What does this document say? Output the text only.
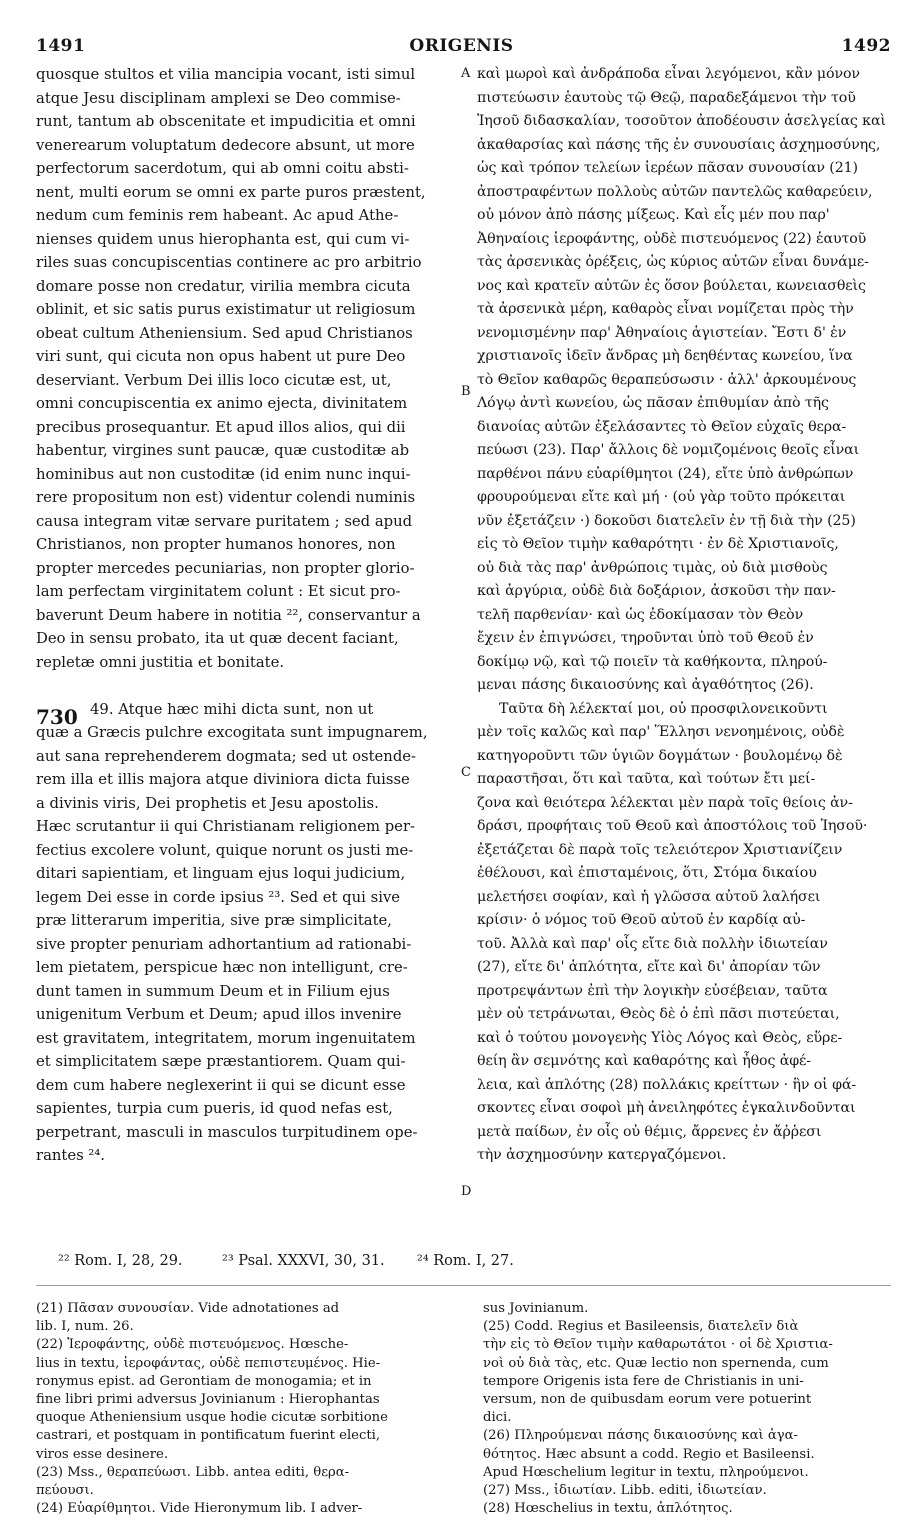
1491	ORIGENIS	1492
A
B
C
D
730
quosque stultos et vilia mancipia vocant, isti simul
atque Jesu disciplinam amplexi se Deo commise-
runt, tantum ab obscenitate et impudicitia et omni
venerearum voluptatum dedecore absunt, ut more
perfectorum sacerdotum, qui ab omni coitu absti-
nent, multi eorum se omni ex parte puros præstent,
nedum cum feminis rem habeant. Ac apud Athe-
nienses quidem unus hierophanta est, qui cum vi-
riles suas concupiscentias continere ac pro arbitrio
domare posse non credatur, virilia membra cicuta
oblinit, et sic satis purus existimatur ut religiosum
obeat cultum Atheniensium. Sed apud Christianos
viri sunt, qui cicuta non opus habent ut pure Deo
deserviant. Verbum Dei illis loco cicutæ est, ut,
omni concupiscentia ex animo ejecta, divinitatem
precibus prosequantur. Et apud illos alios, qui dii
habentur, virgines sunt paucæ, quæ custoditæ ab
hominibus aut non custoditæ (id enim nunc inqui-
rere propositum non est) videntur colendi numinis
causa integram vitæ servare puritatem ; sed apud
Christianos, non propter humanos honores, non
propter mercedes pecuniarias, non propter glorio-
lam perfectam virginitatem colunt : Et sicut pro-
baverunt Deum habere in notitia ²², conservantur a
Deo in sensu probato, ita ut quæ decent faciant,
repletæ omni justitia et bonitate.
49. Atque hæc mihi dicta sunt, non ut
quæ a Græcis pulchre excogitata sunt impugnarem,
aut sana reprehenderem dogmata; sed ut ostende-
rem illa et illis majora atque diviniora dicta fuisse
a divinis viris, Dei prophetis et Jesu apostolis.
Hæc scrutantur ii qui Christianam religionem per-
fectius excolere volunt, quique norunt os justi me-
ditari sapientiam, et linguam ejus loqui judicium,
legem Dei esse in corde ipsius ²³. Sed et qui sive
præ litterarum imperitia, sive præ simplicitate,
sive propter penuriam adhortantium ad rationabi-
lem pietatem, perspicue hæc non intelligunt, cre-
dunt tamen in summum Deum et in Filium ejus
unigenitum Verbum et Deum; apud illos invenire
est gravitatem, integritatem, morum ingenuitatem
et simplicitatem sæpe præstantiorem. Quam qui-
dem cum habere neglexerint ii qui se dicunt esse
sapientes, turpia cum pueris, id quod nefas est,
perpetrant, masculi in masculos turpitudinem ope-
rantes ²⁴.
καὶ μωροὶ καὶ ἀνδράποδα εἶναι λεγόμενοι, κἂν μόνον
πιστεύωσιν ἑαυτοὺς τῷ Θεῷ, παραδεξάμενοι τὴν τοῦ
Ἰησοῦ διδασκαλίαν, τοσοῦτον ἀποδέουσιν ἀσελγείας καὶ
ἀκαθαρσίας καὶ πάσης τῆς ἐν συνουσίαις ἀσχημοσύνης,
ὡς καὶ τρόπον τελείων ἱερέων πᾶσαν συνουσίαν (21)
ἀποστραφέντων πολλοὺς αὐτῶν παντελῶς καθαρεύειν,
οὐ μόνον ἀπὸ πάσης μίξεως. Καὶ εἷς μέν που παρ'
Ἀθηναίοις ἱεροφάντης, οὐδὲ πιστευόμενος (22) ἑαυτοῦ
τὰς ἀρσενικὰς ὀρέξεις, ὡς κύριος αὐτῶν εἶναι δυνάμε-
νος καὶ κρατεῖν αὐτῶν ἐς ὅσον βούλεται, κωνειασθεὶς
τὰ ἀρσενικὰ μέρη, καθαρὸς εἶναι νομίζεται πρὸς τὴν
νενομισμένην παρ' Ἀθηναίοις ἁγιστείαν. Ἔστι δ' ἐν
χριστιανοῖς ἰδεῖν ἄνδρας μὴ δεηθέντας κωνείου, ἵνα
τὸ Θεῖον καθαρῶς θεραπεύσωσιν · ἀλλ' ἀρκουμένους
Λόγῳ ἀντὶ κωνείου, ὡς πᾶσαν ἐπιθυμίαν ἀπὸ τῆς
διανοίας αὐτῶν ἐξελάσαντες τὸ Θεῖον εὐχαῖς θερα-
πεύωσι (23). Παρ' ἄλλοις δὲ νομιζομένοις θεοῖς εἶναι
παρθένοι πάνυ εὐαρίθμητοι (24), εἴτε ὑπὸ ἀνθρώπων
φρουρούμεναι εἴτε καὶ μή · (οὐ γὰρ τοῦτο πρόκειται
νῦν ἐξετάζειν ·) δοκοῦσι διατελεῖν ἐν τῇ διὰ τὴν (25)
εἰς τὸ Θεῖον τιμὴν καθαρότητι · ἐν δὲ Χριστιανοῖς,
οὐ διὰ τὰς παρ' ἀνθρώποις τιμὰς, οὐ διὰ μισθοὺς
καὶ ἀργύρια, οὐδὲ διὰ δοξάριον, ἀσκοῦσι τὴν παν-
τελῆ παρθενίαν· καὶ ὡς ἐδοκίμασαν τὸν Θεὸν
ἔχειν ἐν ἐπιγνώσει, τηροῦνται ὑπὸ τοῦ Θεοῦ ἐν
δοκίμῳ νῷ, καὶ τῷ ποιεῖν τὰ καθήκοντα, πληρού-
μεναι πάσης δικαιοσύνης καὶ ἀγαθότητος (26).
Ταῦτα δὴ λέλεκταί μοι, οὐ προσφιλονεικοῦντι
μὲν τοῖς καλῶς καὶ παρ' Ἕλλησι νενοημένοις, οὐδὲ
κατηγοροῦντι τῶν ὑγιῶν δογμάτων · βουλομένῳ δὲ
παραστῆσαι, ὅτι καὶ ταῦτα, καὶ τούτων ἔτι μεί-
ζονα καὶ θειότερα λέλεκται μὲν παρὰ τοῖς θείοις ἀν-
δράσι, προφήταις τοῦ Θεοῦ καὶ ἀποστόλοις τοῦ Ἰησοῦ·
ἐξετάζεται δὲ παρὰ τοῖς τελειότερον Χριστιανίζειν
ἐθέλουσι, καὶ ἐπισταμένοις, ὅτι, Στόμα δικαίου
μελετήσει σοφίαν, καὶ ἡ γλῶσσα αὐτοῦ λαλήσει
κρίσιν· ὁ νόμος τοῦ Θεοῦ αὐτοῦ ἐν καρδίᾳ αὐ-
τοῦ. Ἀλλὰ καὶ παρ' οἷς εἴτε διὰ πολλὴν ἰδιωτείαν
(27), εἴτε δι' ἁπλότητα, εἴτε καὶ δι' ἀπορίαν τῶν
προτρεψάντων ἐπὶ τὴν λογικὴν εὐσέβειαν, ταῦτα
μὲν οὐ τετράνωται, Θεὸς δὲ ὁ ἐπὶ πᾶσι πιστεύεται,
καὶ ὁ τούτου μονογενὴς Υἱὸς Λόγος καὶ Θεὸς, εὕρε-
θείη ἂν σεμνότης καὶ καθαρότης καὶ ἦθος ἀφέ-
λεια, καὶ ἁπλότης (28) πολλάκις κρείττων · ἣν οἱ φά-
σκοντες εἶναι σοφοὶ μὴ ἀνειληφότες ἐγκαλινδοῦνται
μετὰ παίδων, ἐν οἷς οὐ θέμις, ἄρρενες ἐν ἄῤῥεσι
τὴν ἀσχημοσύνην κατεργαζόμενοι.
²² Rom. I, 28, 29.	²³ Psal. XXXVI, 30, 31. ²⁴ Rom. I, 27.
(21) Πᾶσαν συνουσίαν. Vide adnotationes ad
lib. I, num. 26.
(22) Ἱεροφάντης, οὐδὲ πιστευόμενος. Hœsche-
lius in textu, ἱεροφάντας, οὐδὲ πεπιστευμένος. Hie-
ronymus epist. ad Gerontiam de monogamia; et in
fine libri primi adversus Jovinianum : Hierophantas
quoque Atheniensium usque hodie cicutæ sorbitione
castrari, et postquam in pontificatum fuerint electi,
viros esse desinere.
(23) Mss., θεραπεύωσι. Libb. antea editi, θερα-
πεύουσι.
(24) Εὐαρίθμητοι. Vide Hieronymum lib. I adver-
sus Jovinianum.
(25) Codd. Regius et Basileensis, διατελεῖν διὰ
τὴν εἰς τὸ Θεῖον τιμὴν καθαρωτάτοι · οἱ δὲ Χριστια-
νοὶ οὐ διὰ τὰς, etc. Quæ lectio non spernenda, cum
tempore Origenis ista fere de Christianis in uni-
versum, non de quibusdam eorum vere potuerint
dici.
(26) Πληρούμεναι πάσης δικαιοσύνης καὶ ἀγα-
θότητος. Hæc absunt a codd. Regio et Basileensi.
Apud Hœschelium legitur in textu, πληρούμενοι.
(27) Mss., ἰδιωτίαν. Libb. editi, ἰδιωτείαν.
(28) Hœschelius in textu, ἀπλότητος.
